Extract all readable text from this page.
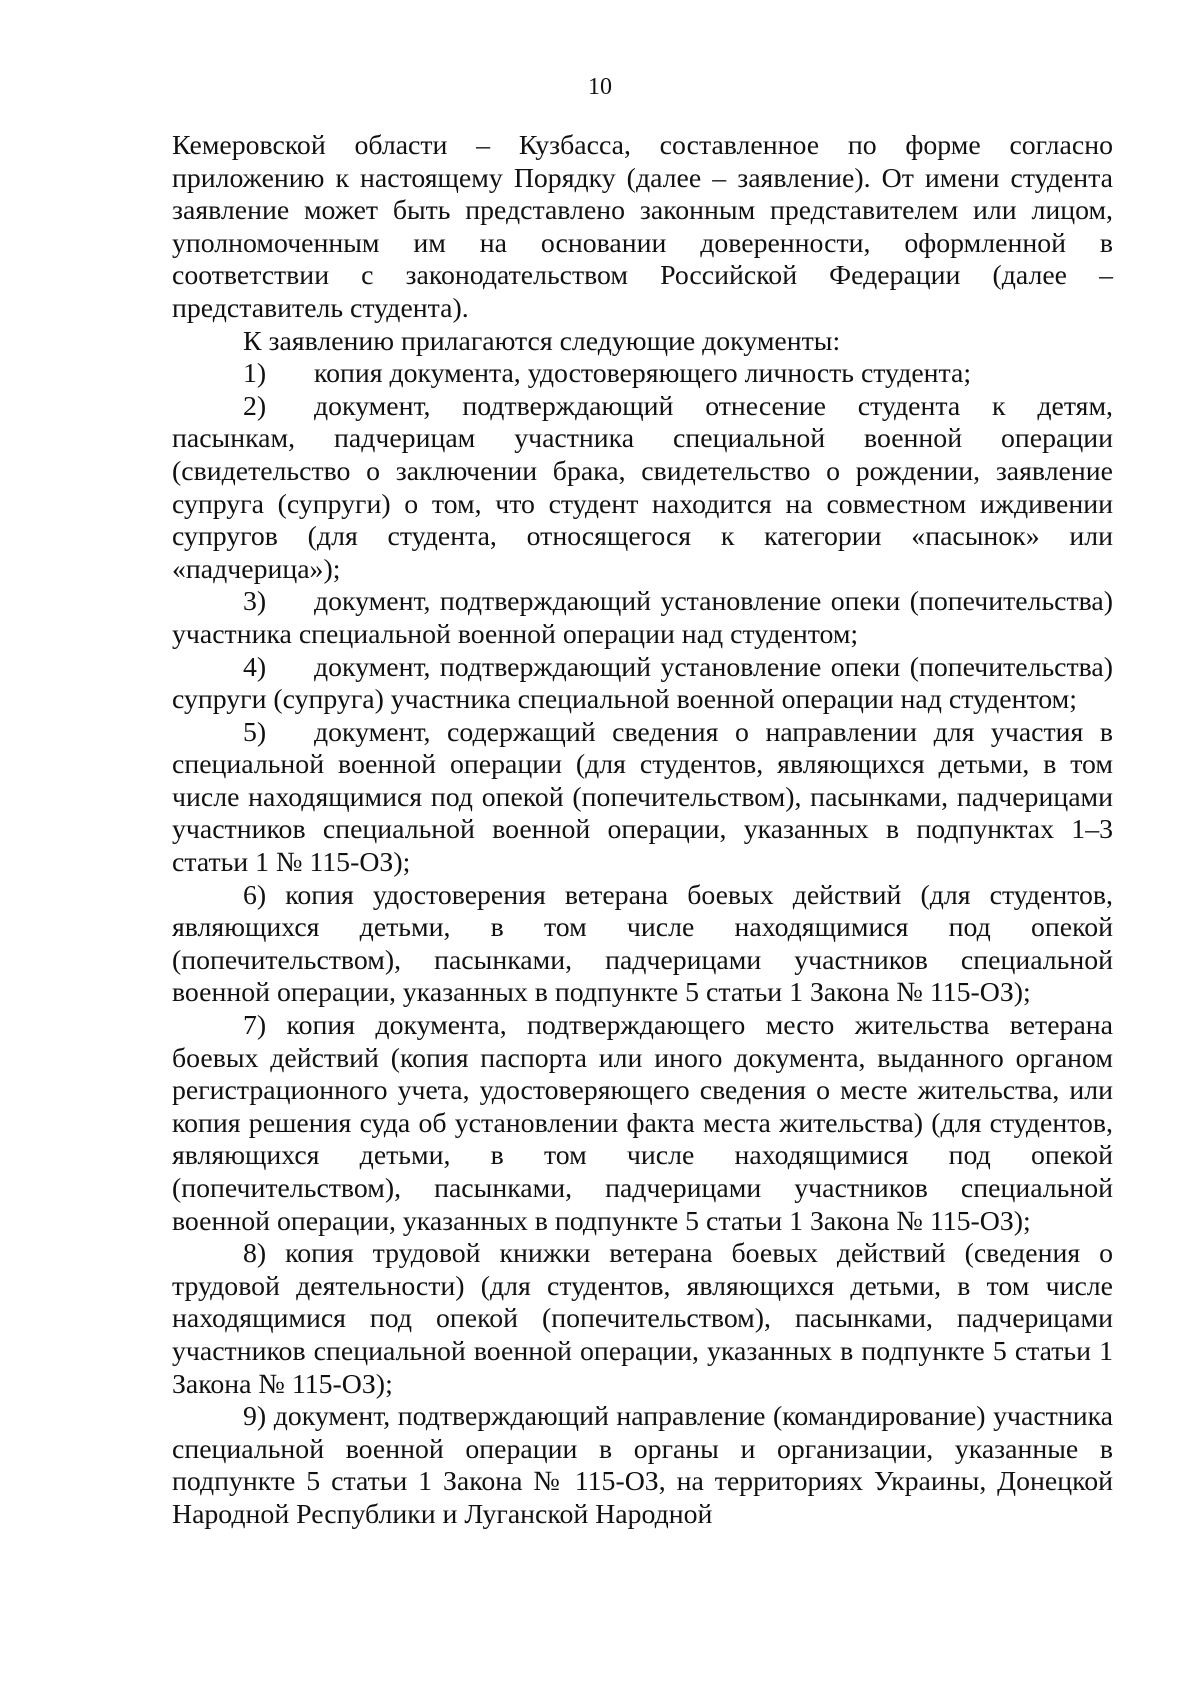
10

Кемеровской области – Кузбасса, составленное по форме согласно приложению к настоящему Порядку (далее – заявление). От имени студента заявление может быть представлено законным представителем или лицом, уполномоченным им на основании доверенности, оформленной в соответствии с законодательством Российской Федерации (далее – представитель студента).

К заявлению прилагаются следующие документы:

1) копия документа, удостоверяющего личность студента;

2) документ, подтверждающий отнесение студента к детям, пасынкам, падчерицам участника специальной военной операции (свидетельство о заключении брака, свидетельство о рождении, заявление супруга (супруги) о том, что студент находится на совместном иждивении супругов (для студента, относящегося к категории «пасынок» или «падчерица»);

3) документ, подтверждающий установление опеки (попечительства) участника специальной военной операции над студентом;

4) документ, подтверждающий установление опеки (попечительства) супруги (супруга) участника специальной военной операции над студентом;

5) документ, содержащий сведения о направлении для участия в специальной военной операции (для студентов, являющихся детьми, в том числе находящимися под опекой (попечительством), пасынками, падчерицами участников специальной военной операции, указанных в подпунктах 1–3 статьи 1 № 115-ОЗ);

6) копия удостоверения ветерана боевых действий (для студентов, являющихся детьми, в том числе находящимися под опекой (попечительством), пасынками, падчерицами участников специальной военной операции, указанных в подпункте 5 статьи 1 Закона № 115-ОЗ);

7) копия документа, подтверждающего место жительства ветерана боевых действий (копия паспорта или иного документа, выданного органом регистрационного учета, удостоверяющего сведения о месте жительства, или копия решения суда об установлении факта места жительства) (для студентов, являющихся детьми, в том числе находящимися под опекой (попечительством), пасынками, падчерицами участников специальной военной операции, указанных в подпункте 5 статьи 1 Закона № 115-ОЗ);

8) копия трудовой книжки ветерана боевых действий (сведения о трудовой деятельности) (для студентов, являющихся детьми, в том числе находящимися под опекой (попечительством), пасынками, падчерицами участников специальной военной операции, указанных в подпункте 5 статьи 1 Закона № 115-ОЗ);

9) документ, подтверждающий направление (командирование) участника специальной военной операции в органы и организации, указанные в подпункте 5 статьи 1 Закона № 115-ОЗ, на территориях Украины, Донецкой Народной Республики и Луганской Народной
